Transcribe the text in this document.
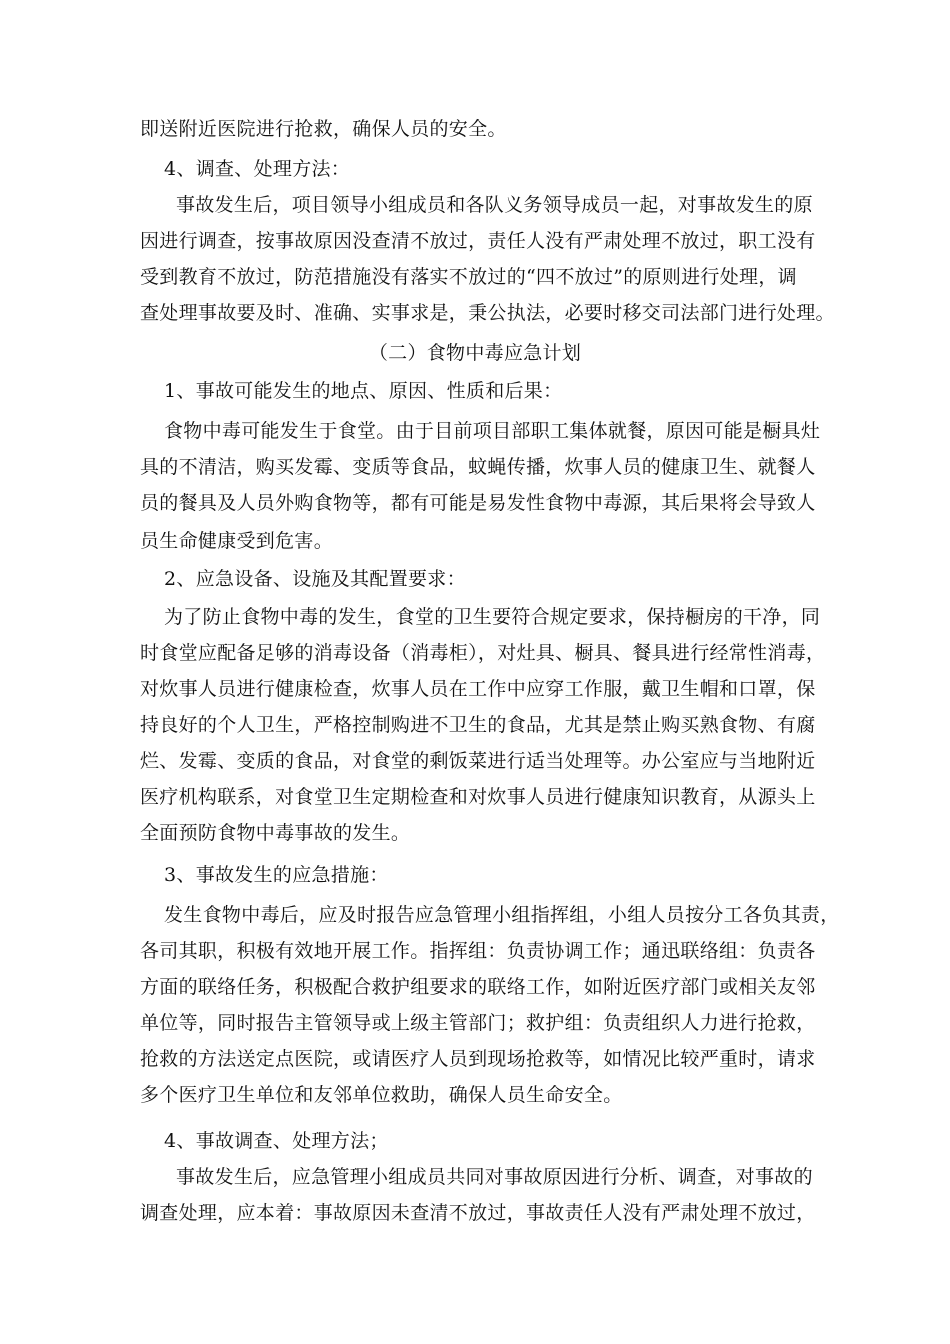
即送附近医院进行抢救，确保人员的安全。
4、调查、处理方法：
事故发生后，项目领导小组成员和各队义务领导成员一起，对事故发生的原
因进行调查，按事故原因没查清不放过，责任人没有严肃处理不放过，职工没有
受到教育不放过，防范措施没有落实不放过的“四不放过”的原则进行处理，调
查处理事故要及时、准确、实事求是，秉公执法，必要时移交司法部门进行处理。
（二）食物中毒应急计划
1、事故可能发生的地点、原因、性质和后果：
食物中毒可能发生于食堂。由于目前项目部职工集体就餐，原因可能是橱具灶
具的不清洁，购买发霉、变质等食品，蚊蝇传播，炊事人员的健康卫生、就餐人
员的餐具及人员外购食物等，都有可能是易发性食物中毒源，其后果将会导致人
员生命健康受到危害。
2、应急设备、设施及其配置要求：
为了防止食物中毒的发生，食堂的卫生要符合规定要求，保持橱房的干净，同
时食堂应配备足够的消毒设备（消毒柜），对灶具、橱具、餐具进行经常性消毒，
对炊事人员进行健康检查，炊事人员在工作中应穿工作服，戴卫生帽和口罩，保
持良好的个人卫生，严格控制购进不卫生的食品，尤其是禁止购买熟食物、有腐
烂、发霉、变质的食品，对食堂的剩饭菜进行适当处理等。办公室应与当地附近
医疗机构联系，对食堂卫生定期检查和对炊事人员进行健康知识教育，从源头上
全面预防食物中毒事故的发生。
3、事故发生的应急措施：
发生食物中毒后，应及时报告应急管理小组指挥组，小组人员按分工各负其责，
各司其职，积极有效地开展工作。指挥组：负责协调工作；通迅联络组：负责各
方面的联络任务，积极配合救护组要求的联络工作，如附近医疗部门或相关友邻
单位等，同时报告主管领导或上级主管部门；救护组：负责组织人力进行抢救，
抢救的方法送定点医院，或请医疗人员到现场抢救等，如情况比较严重时，请求
多个医疗卫生单位和友邻单位救助，确保人员生命安全。
4、事故调查、处理方法；
事故发生后，应急管理小组成员共同对事故原因进行分析、调查，对事故的
调查处理，应本着：事故原因未查清不放过，事故责任人没有严肃处理不放过，
